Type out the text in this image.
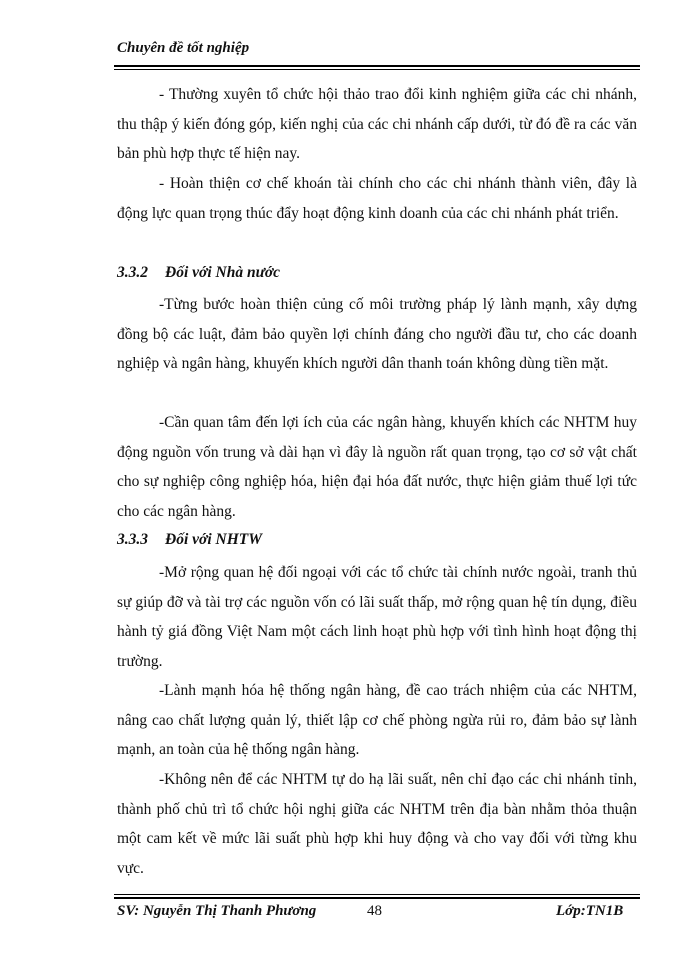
Chuyên đề tốt nghiệp

- Thường xuyên tổ chức hội thảo trao đổi kinh nghiệm giữa các chi nhánh, thu thập ý kiến đóng góp, kiến nghị của các chi nhánh cấp dưới, từ đó đề ra các văn bản phù hợp thực tế hiện nay.

- Hoàn thiện cơ chế khoán tài chính cho các chi nhánh thành viên, đây là động lực quan trọng thúc đẩy hoạt động kinh doanh của các chi nhánh phát triển.

3.3.2 Đối với Nhà nước

-Từng bước hoàn thiện củng cố môi trường pháp lý lành mạnh, xây dựng đồng bộ các luật, đảm bảo quyền lợi chính đáng cho người đầu tư, cho các doanh nghiệp và ngân hàng, khuyến khích người dân thanh toán không dùng tiền mặt.

-Cần quan tâm đến lợi ích của các ngân hàng, khuyến khích các NHTM huy động nguồn vốn trung và dài hạn vì đây là nguồn rất quan trọng, tạo cơ sở vật chất cho sự nghiệp công nghiệp hóa, hiện đại hóa đất nước, thực hiện giảm thuế lợi tức cho các ngân hàng.

3.3.3 Đối với NHTW

-Mở rộng quan hệ đối ngoại với các tổ chức tài chính nước ngoài, tranh thủ sự giúp đỡ và tài trợ các nguồn vốn có lãi suất thấp, mở rộng quan hệ tín dụng, điều hành tỷ giá đồng Việt Nam một cách linh hoạt phù hợp với tình hình hoạt động thị trường.

-Lành mạnh hóa hệ thống ngân hàng, đề cao trách nhiệm của các NHTM, nâng cao chất lượng quản lý, thiết lập cơ chế phòng ngừa rủi ro, đảm bảo sự lành mạnh, an toàn của hệ thống ngân hàng.

-Không nên để các NHTM tự do hạ lãi suất, nên chỉ đạo các chi nhánh tỉnh, thành phố chủ trì tổ chức hội nghị giữa các NHTM trên địa bàn nhằm thỏa thuận một cam kết về mức lãi suất phù hợp khi huy động và cho vay đối với từng khu vực.

SV: Nguyễn Thị Thanh Phương	48	Lớp:TN1B
